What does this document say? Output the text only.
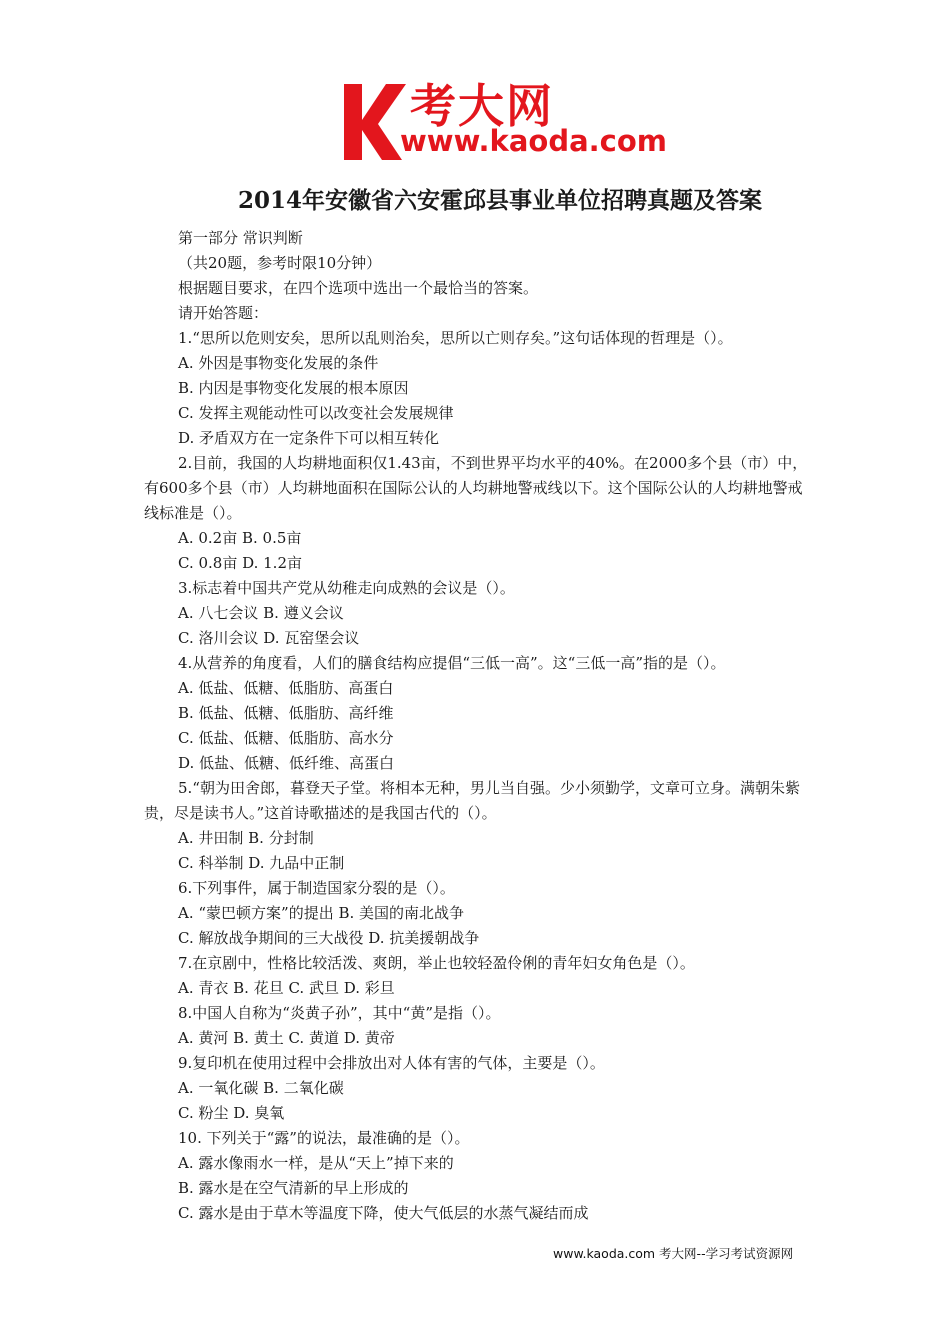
考大网
www.kaoda.com
2014年安徽省六安霍邱县事业单位招聘真题及答案

第一部分 常识判断

（共20题，参考时限10分钟）

根据题目要求，在四个选项中选出一个最恰当的答案。

请开始答题：

1.“思所以危则安矣，思所以乱则治矣，思所以亡则存矣。”这句话体现的哲理是（）。

A. 外因是事物变化发展的条件

B. 内因是事物变化发展的根本原因

C. 发挥主观能动性可以改变社会发展规律

D. 矛盾双方在一定条件下可以相互转化

2.目前，我国的人均耕地面积仅1.43亩，不到世界平均水平的40%。在2000多个县（市）中，有600多个县（市）人均耕地面积在国际公认的人均耕地警戒线以下。这个国际公认的人均耕地警戒线标准是（）。

A. 0.2亩 B. 0.5亩

C. 0.8亩 D. 1.2亩

3.标志着中国共产党从幼稚走向成熟的会议是（）。

A. 八七会议 B. 遵义会议

C. 洛川会议 D. 瓦窑堡会议

4.从营养的角度看，人们的膳食结构应提倡“三低一高”。这“三低一高”指的是（）。

A. 低盐、低糖、低脂肪、高蛋白

B. 低盐、低糖、低脂肪、高纤维

C. 低盐、低糖、低脂肪、高水分

D. 低盐、低糖、低纤维、高蛋白

5.“朝为田舍郎，暮登天子堂。将相本无种，男儿当自强。少小须勤学，文章可立身。满朝朱紫贵，尽是读书人。”这首诗歌描述的是我国古代的（）。

A. 井田制 B. 分封制

C. 科举制 D. 九品中正制

6.下列事件，属于制造国家分裂的是（）。

A. “蒙巴顿方案”的提出 B. 美国的南北战争

C. 解放战争期间的三大战役 D. 抗美援朝战争

7.在京剧中，性格比较活泼、爽朗，举止也较轻盈伶俐的青年妇女角色是（）。

A. 青衣 B. 花旦 C. 武旦 D. 彩旦

8.中国人自称为“炎黄子孙”，其中“黄”是指（）。

A. 黄河 B. 黄土 C. 黄道 D. 黄帝

9.复印机在使用过程中会排放出对人体有害的气体，主要是（）。

A. 一氧化碳 B. 二氧化碳

C. 粉尘 D. 臭氧

10. 下列关于“露”的说法，最准确的是（）。

A. 露水像雨水一样，是从“天上”掉下来的

B. 露水是在空气清新的早上形成的

C. 露水是由于草木等温度下降，使大气低层的水蒸气凝结而成

www.kaoda.com 考大网--学习考试资源网
